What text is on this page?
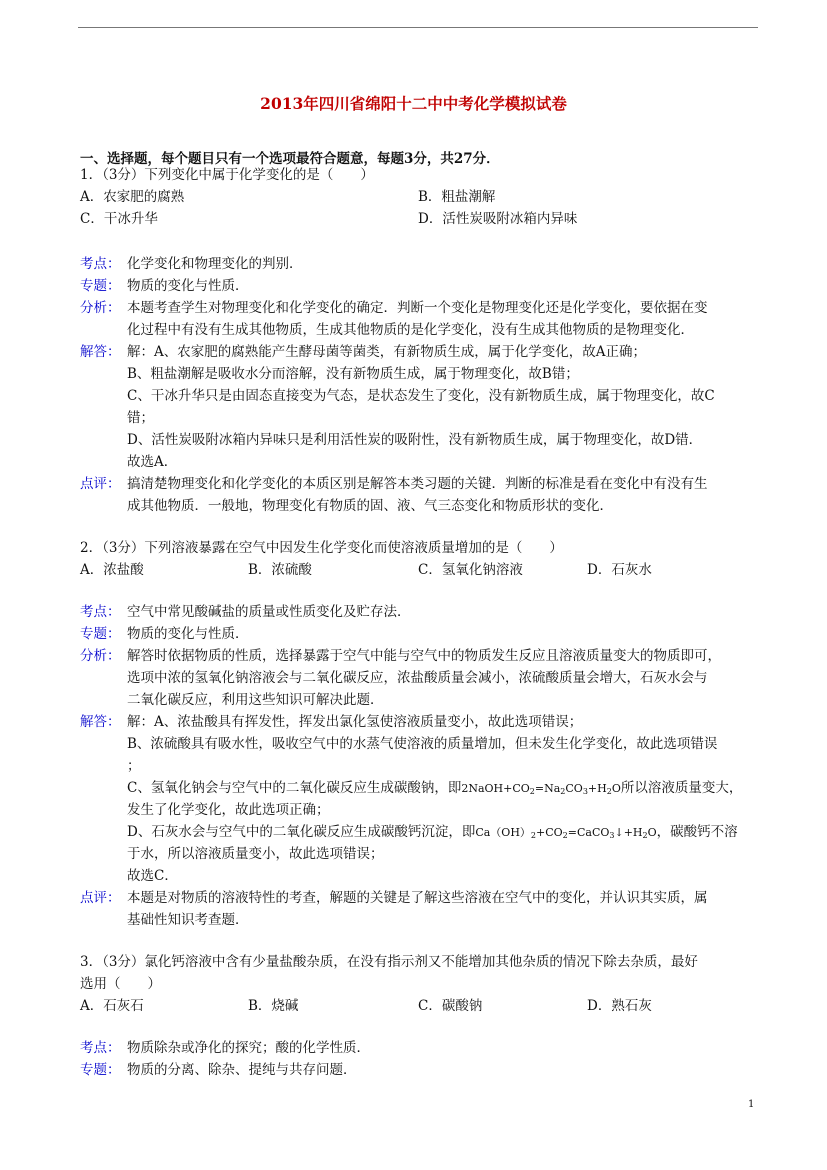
2013年四川省绵阳十二中中考化学模拟试卷
一、选择题，每个题目只有一个选项最符合题意，每题3分，共27分．
1．（3分）下列变化中属于化学变化的是（　　）
A．农家肥的腐熟	B．粗盐潮解
C．干冰升华	D．活性炭吸附冰箱内异味
考点： 化学变化和物理变化的判别．
专题： 物质的变化与性质．
分析： 本题考查学生对物理变化和化学变化的确定．判断一个变化是物理变化还是化学变化，要依据在变
化过程中有没有生成其他物质，生成其他物质的是化学变化，没有生成其他物质的是物理变化．
解答： 解：A、农家肥的腐熟能产生酵母菌等菌类，有新物质生成，属于化学变化，故A正确；
B、粗盐潮解是吸收水分而溶解，没有新物质生成，属于物理变化，故B错；
C、干冰升华只是由固态直接变为气态，是状态发生了变化，没有新物质生成，属于物理变化，故C
错；
D、活性炭吸附冰箱内异味只是利用活性炭的吸附性，没有新物质生成，属于物理变化，故D错．
故选A．
点评： 搞清楚物理变化和化学变化的本质区别是解答本类习题的关键．判断的标准是看在变化中有没有生
成其他物质．一般地，物理变化有物质的固、液、气三态变化和物质形状的变化．
2．（3分）下列溶液暴露在空气中因发生化学变化而使溶液质量增加的是（　　）
A．浓盐酸	B．浓硫酸	C．氢氧化钠溶液	D．石灰水
考点： 空气中常见酸碱盐的质量或性质变化及贮存法．
专题： 物质的变化与性质．
分析： 解答时依据物质的性质，选择暴露于空气中能与空气中的物质发生反应且溶液质量变大的物质即可，
选项中浓的氢氧化钠溶液会与二氧化碳反应，浓盐酸质量会减小，浓硫酸质量会增大，石灰水会与
二氧化碳反应，利用这些知识可解决此题．
解答： 解：A、浓盐酸具有挥发性，挥发出氯化氢使溶液质量变小，故此选项错误；
B、浓硫酸具有吸水性，吸收空气中的水蒸气使溶液的质量增加，但未发生化学变化，故此选项错误
；
C、氢氧化钠会与空气中的二氧化碳反应生成碳酸钠，即$2NaOH+CO_2=Na_2CO_3+H_2O$所以溶液质量变大，
发生了化学变化，故此选项正确；
D、石灰水会与空气中的二氧化碳反应生成碳酸钙沉淀，即$Ca(OH)_2+CO_2=CaCO_3↓+H_2O$，碳酸钙不溶
于水，所以溶液质量变小，故此选项错误；
故选C．
点评： 本题是对物质的溶液特性的考查，解题的关键是了解这些溶液在空气中的变化，并认识其实质，属
基础性知识考查题．
3．（3分）氯化钙溶液中含有少量盐酸杂质，在没有指示剂又不能增加其他杂质的情况下除去杂质，最好
选用（　　）
A．石灰石	B．烧碱	C．碳酸钠	D．熟石灰
考点： 物质除杂或净化的探究；酸的化学性质．
专题： 物质的分离、除杂、提纯与共存问题．
1
